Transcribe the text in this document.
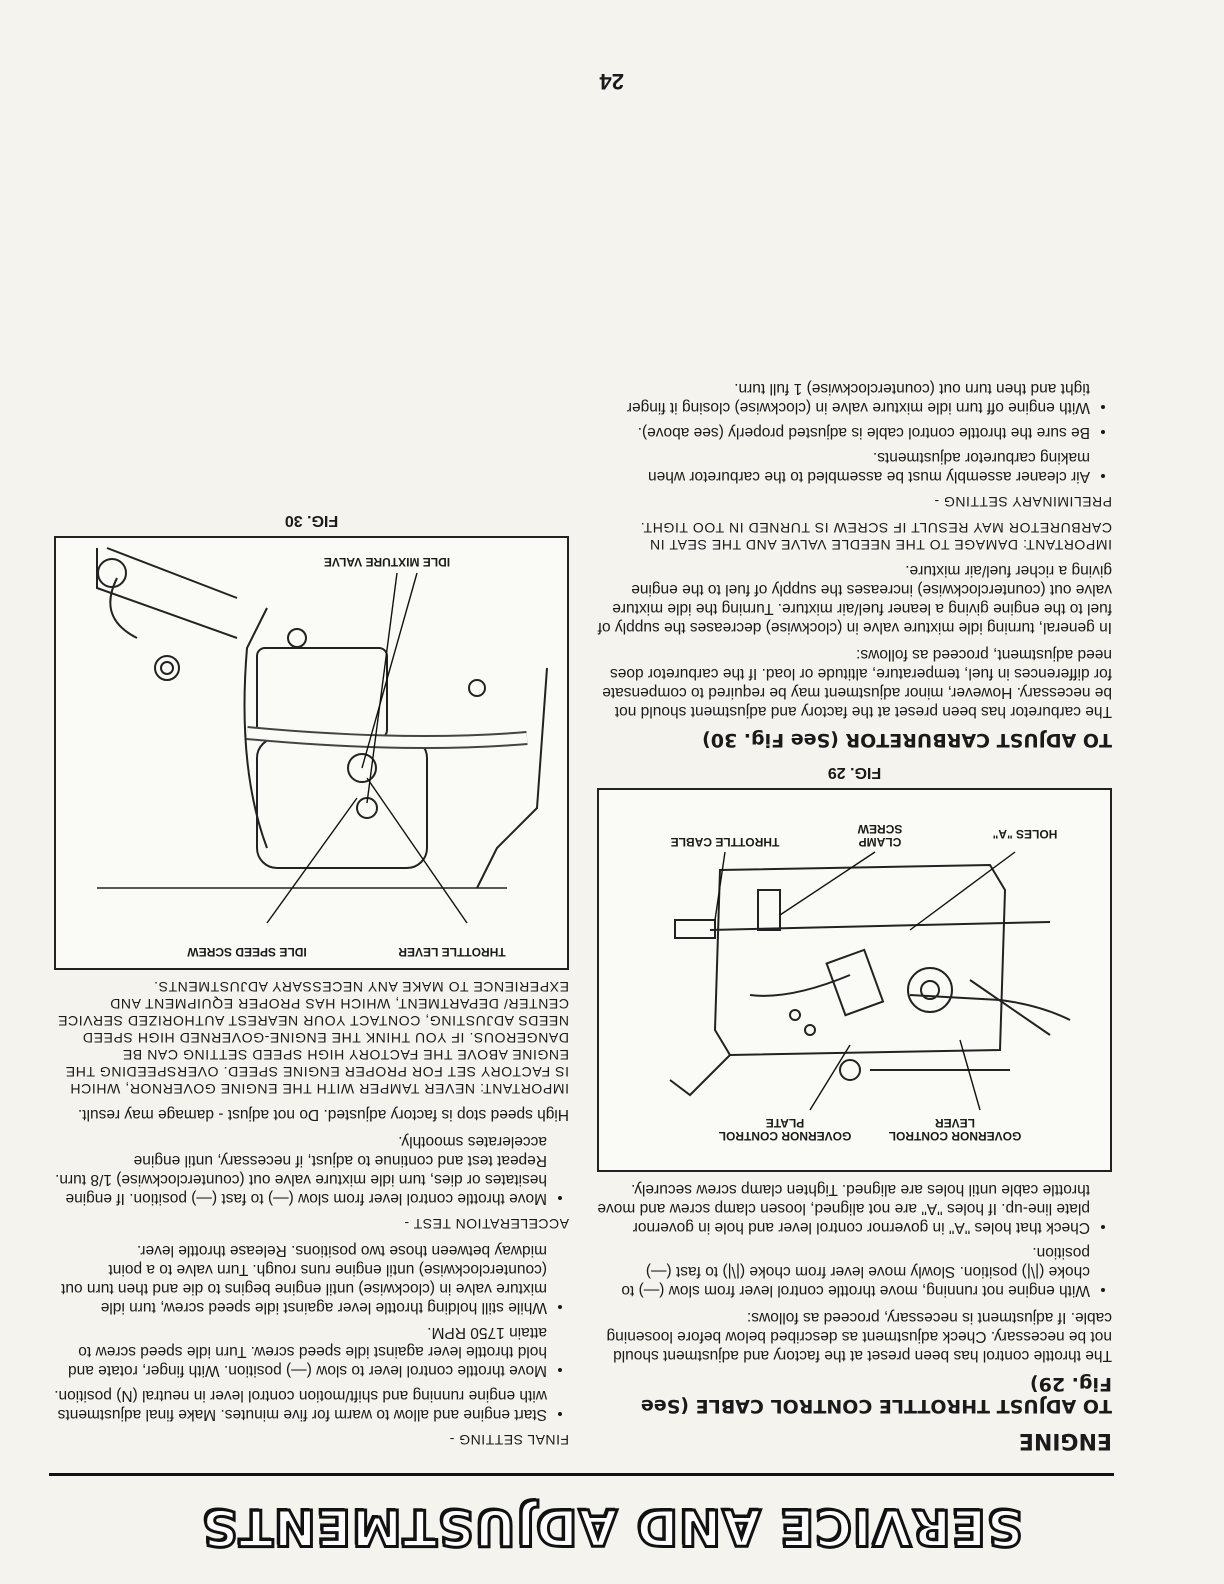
SERVICE AND ADJUSTMENTS
ENGINE
TO ADJUST THROTTLE CONTROL CABLE (See Fig. 29)

The throttle control has been preset at the factory and adjustment should not be necessary. Check adjustment as described below before loosening cable. If adjustment is necessary, proceed as follows:

• With engine not running, move throttle control lever from slow (—) to choke (|\|) position. Slowly move lever from choke (|\|) to fast (—) position.
• Check that holes "A" in governor control lever and hole in governor plate line-up. If holes "A" are not aligned, loosen clamp screw and move throttle cable until holes are aligned. Tighten clamp screw securely.
GOVERNOR CONTROL LEVER
GOVERNOR CONTROL PLATE
HOLES "A"
CLAMP SCREW
THROTTLE CABLE
FIG. 29
TO ADJUST CARBURETOR (See Fig. 30)

The carburetor has been preset at the factory and adjustment should not be necessary. However, minor adjustment may be required to compensate for differences in fuel, temperature, altitude or load. If the carburetor does need adjustment, proceed as follows:

In general, turning idle mixture valve in (clockwise) decreases the supply of fuel to the engine giving a leaner fuel/air mixture. Turning the idle mixture valve out (counterclockwise) increases the supply of fuel to the engine giving a richer fuel/air mixture.

IMPORTANT: DAMAGE TO THE NEEDLE VALVE AND THE SEAT IN CARBURETOR MAY RESULT IF SCREW IS TURNED IN TOO TIGHT.

PRELIMINARY SETTING -
• Air cleaner assembly must be assembled to the carburetor when making carburetor adjustments.
• Be sure the throttle control cable is adjusted properly (see above).
• With engine off turn idle mixture valve in (clockwise) closing it finger tight and then turn out (counterclockwise) 1 full turn.
FINAL SETTING -
• Start engine and allow to warm for five minutes. Make final adjustments with engine running and shift/motion control lever in neutral (N) position.
• Move throttle control lever to slow (—) position. With finger, rotate and hold throttle lever against idle speed screw. Turn idle speed screw to attain 1750 RPM.
• While still holding throttle lever against idle speed screw, turn idle mixture valve in (clockwise) until engine begins to die and then turn out (counterclockwise) until engine runs rough. Turn valve to a point midway between those two positions. Release throttle lever.
ACCELERATION TEST -
• Move throttle control lever from slow (—) to fast (—) position. If engine hesitates or dies, turn idle mixture valve out (counterclockwise) 1/8 turn. Repeat test and continue to adjust, if necessary, until engine accelerates smoothly.

High speed stop is factory adjusted. Do not adjust - damage may result.

IMPORTANT: NEVER TAMPER WITH THE ENGINE GOVERNOR, WHICH IS FACTORY SET FOR PROPER ENGINE SPEED. OVERSPEEDING THE ENGINE ABOVE THE FACTORY HIGH SPEED SETTING CAN BE DANGEROUS. IF YOU THINK THE ENGINE-GOVERNED HIGH SPEED NEEDS ADJUSTING, CONTACT YOUR NEAREST AUTHORIZED SERVICE CENTER/ DEPARTMENT, WHICH HAS PROPER EQUIPMENT AND EXPERIENCE TO MAKE ANY NECESSARY ADJUSTMENTS.

THROTTLE LEVER
IDLE SPEED SCREW
IDLE MIXTURE VALVE
FIG. 30
24
